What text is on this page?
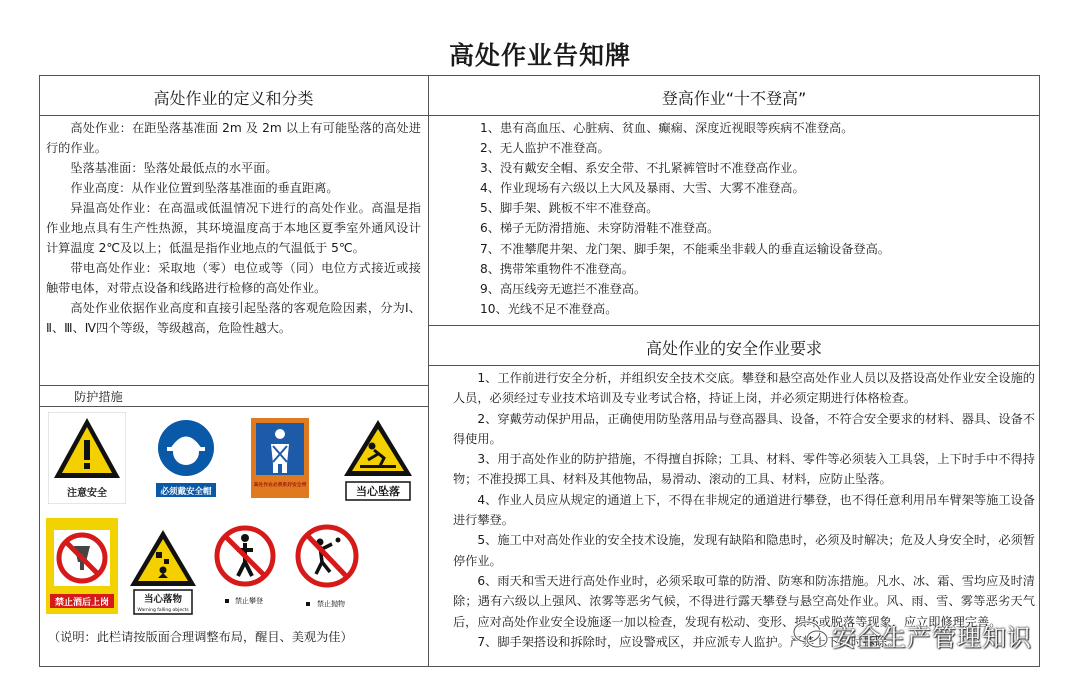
高处作业告知牌
高处作业的定义和分类

高处作业：在距坠落基准面 2m 及 2m 以上有可能坠落的高处进行的作业。

坠落基准面：坠落处最低点的水平面。

作业高度：从作业位置到坠落基准面的垂直距离。

异温高处作业：在高温或低温情况下进行的高处作业。高温是指作业地点具有生产性热源，其环境温度高于本地区夏季室外通风设计计算温度 2℃及以上；低温是指作业地点的气温低于 5℃。

带电高处作业：采取地（零）电位或等（同）电位方式接近或接触带电体，对带点设备和线路进行检修的高处作业。

高处作业依据作业高度和直接引起坠落的客观危险因素，分为Ⅰ、Ⅱ、Ⅲ、Ⅳ四个等级，等级越高，危险性越大。

防护措施
注意安全	必须戴安全帽
高处作业必须系好安全带	当心坠落
禁止酒后上岗	当心落物
Warning falling objects
禁止攀登	禁止抛物
（说明：此栏请按版面合理调整布局，醒目、美观为佳）
登高作业“十不登高”
1、患有高血压、心脏病、贫血、癫痫、深度近视眼等疾病不准登高。
2、无人监护不准登高。
3、没有戴安全帽、系安全带、不扎紧裤管时不准登高作业。
4、作业现场有六级以上大风及暴雨、大雪、大雾不准登高。
5、脚手架、跳板不牢不准登高。
6、梯子无防滑措施、未穿防滑鞋不准登高。
7、不准攀爬井架、龙门架、脚手架，不能乘坐非载人的垂直运输设备登高。
8、携带笨重物件不准登高。
9、高压线旁无遮拦不准登高。
10、光线不足不准登高。
高处作业的安全作业要求

1、工作前进行安全分析，并组织安全技术交底。攀登和悬空高处作业人员以及搭设高处作业安全设施的人员，必须经过专业技术培训及专业考试合格，持证上岗，并必须定期进行体格检查。

2、穿戴劳动保护用品，正确使用防坠落用品与登高器具、设备，不符合安全要求的材料、器具、设备不得使用。

3、用于高处作业的防护措施，不得擅自拆除；工具、材料、零件等必须装入工具袋，上下时手中不得持物；不准投掷工具、材料及其他物品，易滑动、滚动的工具、材料，应防止坠落。

4、作业人员应从规定的通道上下，不得在非规定的通道进行攀登，也不得任意利用吊车臂架等施工设备进行攀登。

5、施工中对高处作业的安全技术设施，发现有缺陷和隐患时，必须及时解决；危及人身安全时，必须暂停作业。

6、雨天和雪天进行高处作业时，必须采取可靠的防滑、防寒和防冻措施。凡水、冰、霜、雪均应及时清除；遇有六级以上强风、浓雾等恶劣气候，不得进行露天攀登与悬空高处作业。风、雨、雪、雾等恶劣天气后，应对高处作业安全设施逐一加以检查，发现有松动、变形、损坏或脱落等现象，应立即修理完善。

7、脚手架搭设和拆除时，应设警戒区，并应派专人监护。严禁上下同时拆除。

安全生产管理知识
